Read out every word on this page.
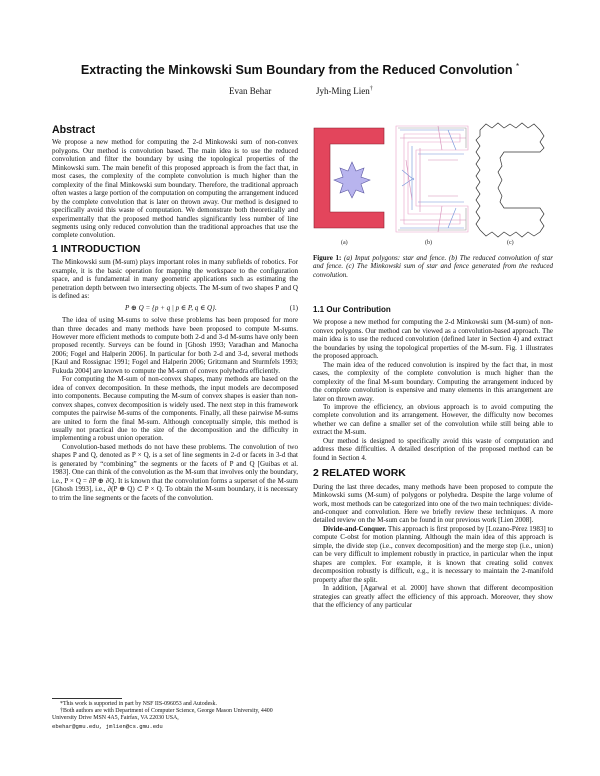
Extracting the Minkowski Sum Boundary from the Reduced Convolution *
Evan Behar	Jyh-Ming Lien†
Abstract

We propose a new method for computing the 2-d Minkowski sum of non-convex polygons. Our method is convolution based. The main idea is to use the reduced convolution and filter the boundary by using the topological properties of the Minkowski sum. The main benefit of this proposed approach is from the fact that, in most cases, the complexity of the complete convolution is much higher than the complexity of the final Minkowski sum boundary. Therefore, the traditional approach often wastes a large portion of the computation on computing the arrangement induced by the complete convolution that is later on thrown away. Our method is designed to specifically avoid this waste of computation. We demonstrate both theoretically and experimentally that the proposed method handles significantly less number of line segments using only reduced convolution than the traditional approaches that use the complete convolution.

1 INTRODUCTION

The Minkowski sum (M-sum) plays important roles in many subfields of robotics. For example, it is the basic operation for mapping the workspace to the configuration space, and is fundamental in many geometric applications such as estimating the penetration depth between two intersecting objects. The M-sum of two shapes P and Q is defined as:

P ⊕ Q = {p + q | p ∈ P, q ∈ Q}.	(1)

The idea of using M-sums to solve these problems has been proposed for more than three decades and many methods have been proposed to compute M-sums. However more efficient methods to compute both 2-d and 3-d M-sums have only been proposed recently. Surveys can be found in [Ghosh 1993; Varadhan and Manocha 2006; Fogel and Halperin 2006]. In particular for both 2-d and 3-d, several methods [Kaul and Rossignac 1991; Fogel and Halperin 2006; Gritzmann and Sturmfels 1993; Fukuda 2004] are known to compute the M-sum of convex polyhedra efficiently.

For computing the M-sum of non-convex shapes, many methods are based on the idea of convex decomposition. In these methods, the input models are decomposed into components. Because computing the M-sum of convex shapes is easier than non-convex shapes, convex decomposition is widely used. The next step in this framework computes the pairwise M-sums of the components. Finally, all these pairwise M-sums are united to form the final M-sum. Although conceptually simple, this method is usually not practical due to the size of the decomposition and the difficulty in implementing a robust union operation.

Convolution-based methods do not have these problems. The convolution of two shapes P and Q, denoted as P × Q, is a set of line segments in 2-d or facets in 3-d that is generated by “combining” the segments or the facets of P and Q [Guibas et al. 1983]. One can think of the convolution as the M-sum that involves only the boundary, i.e., P × Q = ∂P ⊕ ∂Q. It is known that the convolution forms a superset of the M-sum [Ghosh 1993], i.e., ∂(P ⊕ Q) ⊂ P × Q. To obtain the M-sum boundary, it is necessary to trim the line segments or the facets of the convolution.

*This work is supported in part by NSF IIS-096053 and Autodesk.

†Both authors are with Department of Computer Science, George Mason University, 4400 University Drive MSN 4A5, Fairfax, VA 22030 USA,

ebehar@gmu.edu, jmlien@cs.gmu.edu

(a)	(b)	(c)
Figure 1: (a) Input polygons: star and fence. (b) The reduced convolution of star and fence. (c) The Minkowski sum of star and fence generated from the reduced convolution.
1.1 Our Contribution

We propose a new method for computing the 2-d Minkowski sum (M-sum) of non-convex polygons. Our method can be viewed as a convolution-based approach. The main idea is to use the reduced convolution (defined later in Section 4) and extract the boundaries by using the topological properties of the M-sum. Fig. 1 illustrates the proposed approach.

The main idea of the reduced convolution is inspired by the fact that, in most cases, the complexity of the complete convolution is much higher than the complexity of the final M-sum boundary. Computing the arrangement induced by the complete convolution is expensive and many elements in this arrangement are later on thrown away.

To improve the efficiency, an obvious approach is to avoid computing the complete convolution and its arrangement. However, the difficulty now becomes whether we can define a smaller set of the convolution while still being able to extract the M-sum.

Our method is designed to specifically avoid this waste of computation and address these difficulties. A detailed description of the proposed method can be found in Section 4.

2 RELATED WORK

During the last three decades, many methods have been proposed to compute the Minkowski sums (M-sum) of polygons or polyhedra. Despite the large volume of work, most methods can be categorized into one of the two main techniques: divide-and-conquer and convolution. Here we briefly review these techniques. A more detailed review on the M-sum can be found in our previous work [Lien 2008].

Divide-and-Conquer. This approach is first proposed by [Lozano-Pérez 1983] to compute C-obst for motion planning. Although the main idea of this approach is simple, the divide step (i.e., convex decomposition) and the merge step (i.e., union) can be very difficult to implement robustly in practice, in particular when the input shapes are complex. For example, it is known that creating solid convex decomposition robustly is difficult, e.g., it is necessary to maintain the 2-manifold property after the split.

In addition, [Agarwal et al. 2000] have shown that different decomposition strategies can greatly affect the efficiency of this approach. Moreover, they show that the efficiency of any particular
